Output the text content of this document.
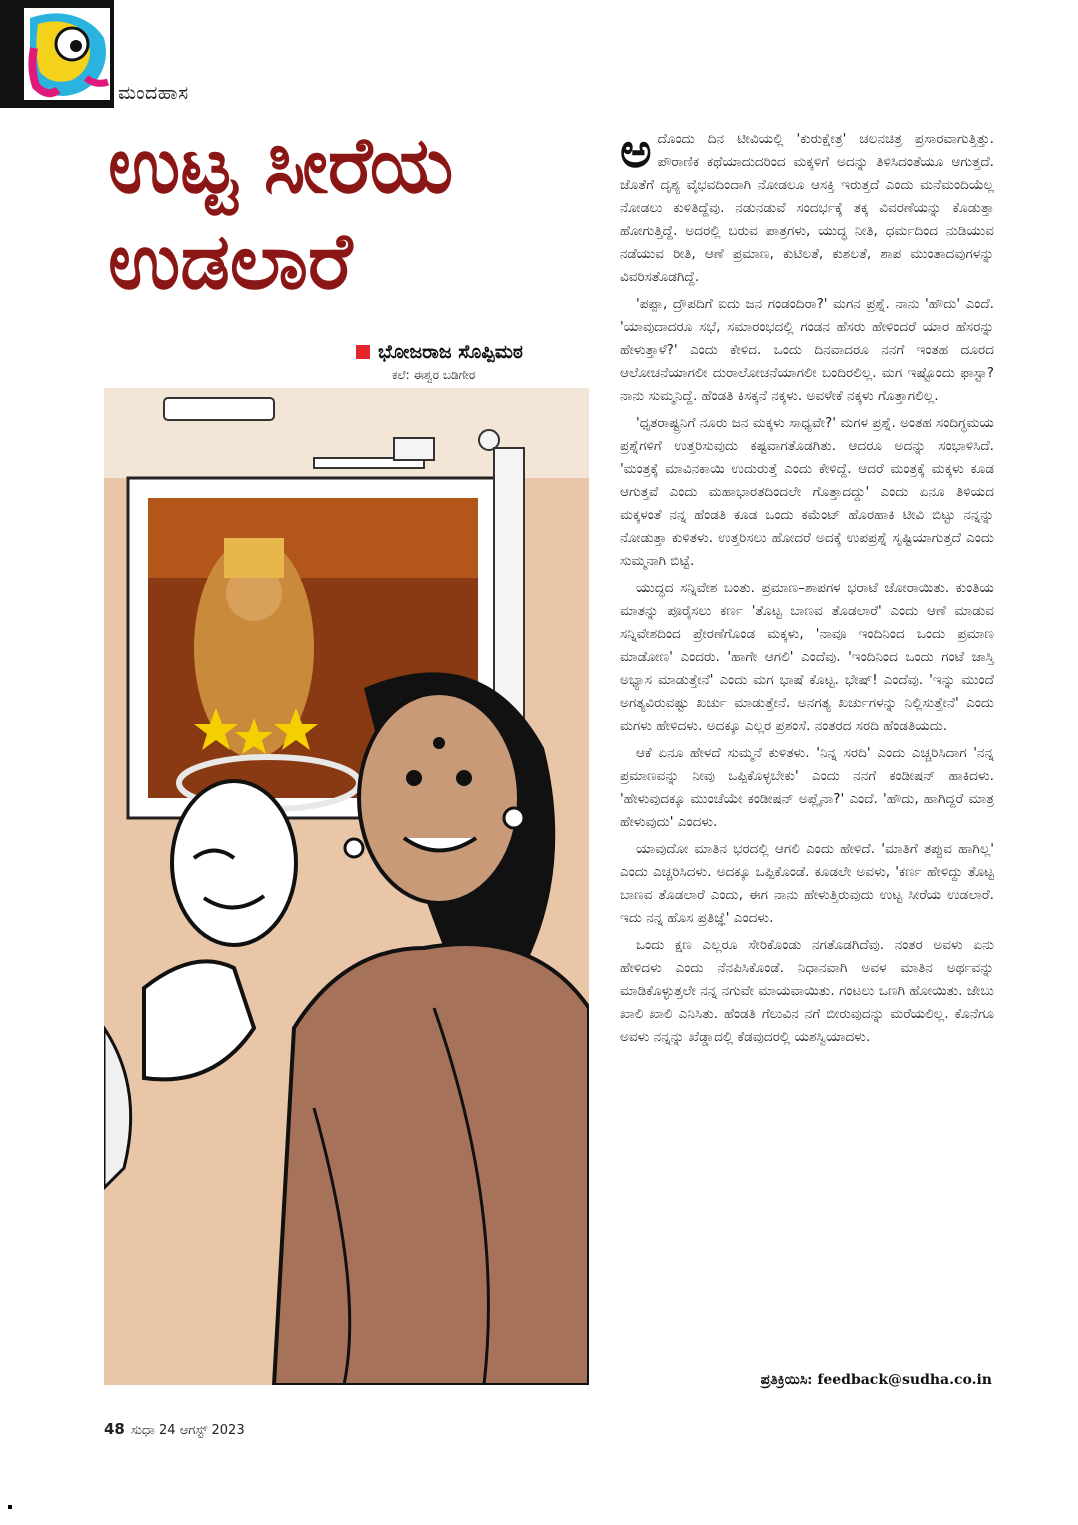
ಮಂದಹಾಸ
ಉಟ್ಟ ಸೀರೆಯ
ಉಡಲಾರೆ
ಭೋಜರಾಜ ಸೊಪ್ಪಿಮಠ
ಕಲೆ: ಈಶ್ವರ ಬಡಿಗೇರ

ಅದೊಂದು ದಿನ ಟೀವಿಯಲ್ಲಿ 'ಕುರುಕ್ಷೇತ್ರ' ಚಲನಚಿತ್ರ ಪ್ರಸಾರವಾಗುತ್ತಿತ್ತು. ಪೌರಾಣಿಕ ಕಥೆಯಾದುದರಿಂದ ಮಕ್ಕಳಿಗೆ ಅದನ್ನು ತಿಳಿಸಿದಂತೆಯೂ ಆಗುತ್ತದೆ. ಜೊತೆಗೆ ದೃಶ್ಯ ವೈಭವದಿಂದಾಗಿ ನೋಡಲೂ ಆಸಕ್ತಿ ಇರುತ್ತದೆ ಎಂದು ಮನೆಮಂದಿಯೆಲ್ಲ ನೋಡಲು ಕುಳಿತಿದ್ದೆವು. ನಡುನಡುವೆ ಸಂದರ್ಭಕ್ಕೆ ತಕ್ಕ ವಿವರಣೆಯನ್ನು ಕೊಡುತ್ತಾ ಹೋಗುತ್ತಿದ್ದೆ. ಅದರಲ್ಲಿ ಬರುವ ಪಾತ್ರಗಳು, ಯುದ್ಧ ನೀತಿ, ಧರ್ಮದಿಂದ ನುಡಿಯುವ ನಡೆಯುವ ರೀತಿ, ಆಣೆ ಪ್ರಮಾಣ, ಕುಟಿಲತೆ, ಕುಶಲತೆ, ಶಾಪ ಮುಂತಾದವುಗಳನ್ನು ವಿವರಿಸತೊಡಗಿದ್ದೆ.

'ಪಪ್ಪಾ, ದ್ರೌಪದಿಗೆ ಐದು ಜನ ಗಂಡಂದಿರಾ?' ಮಗನ ಪ್ರಶ್ನೆ. ನಾನು 'ಹೌದು' ಎಂದೆ. 'ಯಾವುದಾದರೂ ಸಭೆ, ಸಮಾರಂಭದಲ್ಲಿ ಗಂಡನ ಹೆಸರು ಹೇಳಿಂದರೆ ಯಾರ ಹೆಸರನ್ನು ಹೇಳುತ್ತಾಳೆ?' ಎಂದು ಕೇಳಿದ. ಒಂದು ದಿನವಾದರೂ ನನಗೆ ಇಂತಹ ದೂರದ ಆಲೋಚನೆಯಾಗಲೀ ದುರಾಲೋಚನೆಯಾಗಲೀ ಬಂದಿರಲಿಲ್ಲ. ಮಗ ಇಷ್ಟೊಂದು ಫಾಸ್ಟಾ? ನಾನು ಸುಮ್ಮನಿದ್ದೆ. ಹೆಂಡತಿ ಕಿಸಕ್ಕನೆ ನಕ್ಕಳು. ಅವಳೇಕೆ ನಕ್ಕಳು ಗೊತ್ತಾಗಲಿಲ್ಲ.

'ಧೃತರಾಷ್ಟ್ರನಿಗೆ ನೂರು ಜನ ಮಕ್ಕಳು ಸಾಧ್ಯವೇ?' ಮಗಳ ಪ್ರಶ್ನೆ. ಅಂತಹ ಸಂದಿಗ್ಧಮಯ ಪ್ರಶ್ನೆಗಳಿಗೆ ಉತ್ತರಿಸುವುದು ಕಷ್ಟವಾಗತೊಡಗಿತು. ಆದರೂ ಅದನ್ನು ಸಂಭಾಳಿಸಿದೆ. 'ಮಂತ್ರಕ್ಕೆ ಮಾವಿನಕಾಯಿ ಉದುರುತ್ತೆ ಎಂದು ಕೇಳಿದ್ದೆ. ಆದರೆ ಮಂತ್ರಕ್ಕೆ ಮಕ್ಕಳು ಕೂಡ ಆಗುತ್ತವೆ ಎಂದು ಮಹಾಭಾರತದಿಂದಲೇ ಗೊತ್ತಾದದ್ದು' ಎಂದು ಏನೂ ತಿಳಿಯದ ಮಕ್ಕಳಂತೆ ನನ್ನ ಹೆಂಡತಿ ಕೂಡ ಒಂದು ಕಮೆಂಟ್ ಹೊರಹಾಕಿ ಟೀವಿ ಬಿಟ್ಟು ನನ್ನನ್ನು ನೋಡುತ್ತಾ ಕುಳಿತಳು. ಉತ್ತರಿಸಲು ಹೋದರೆ ಅದಕ್ಕೆ ಉಪಪ್ರಶ್ನೆ ಸೃಷ್ಟಿಯಾಗುತ್ತದೆ ಎಂದು ಸುಮ್ಮನಾಗಿ ಬಿಟ್ಟೆ.

ಯುದ್ಧದ ಸನ್ನಿವೇಶ ಬಂತು. ಪ್ರಮಾಣ–ಶಾಪಗಳ ಭರಾಟೆ ಜೋರಾಯಿತು. ಕುಂತಿಯ ಮಾತನ್ನು ಪೂರೈಸಲು ಕರ್ಣ 'ತೊಟ್ಟ ಬಾಣವ ತೊಡಲಾರೆ' ಎಂದು ಆಣೆ ಮಾಡುವ ಸನ್ನಿವೇಶದಿಂದ ಪ್ರೇರಣೆಗೊಂಡ ಮಕ್ಕಳು, 'ನಾವೂ ಇಂದಿನಿಂದ ಒಂದು ಪ್ರಮಾಣ ಮಾಡೋಣ' ಎಂದರು. 'ಹಾಗೇ ಆಗಲಿ' ಎಂದೆವು. 'ಇಂದಿನಿಂದ ಒಂದು ಗಂಟೆ ಜಾಸ್ತಿ ಅಭ್ಯಾಸ ಮಾಡುತ್ತೇನೆ' ಎಂದು ಮಗ ಭಾಷೆ ಕೊಟ್ಟ. ಭೇಷ್! ಎಂದೆವು. 'ಇನ್ನು ಮುಂದೆ ಅಗತ್ಯವಿರುವಷ್ಟು ಖರ್ಚು ಮಾಡುತ್ತೇನೆ. ಅನಗತ್ಯ ಖರ್ಚುಗಳನ್ನು ನಿಲ್ಲಿಸುತ್ತೇನೆ' ಎಂದು ಮಗಳು ಹೇಳಿದಳು. ಅದಕ್ಕೂ ಎಲ್ಲರ ಪ್ರಶಂಸೆ. ನಂತರದ ಸರದಿ ಹೆಂಡತಿಯದು.

ಆಕೆ ಏನೂ ಹೇಳದೆ ಸುಮ್ಮನೆ ಕುಳಿತಳು. 'ನಿನ್ನ ಸರದಿ' ಎಂದು ಎಚ್ಚರಿಸಿದಾಗ 'ನನ್ನ ಪ್ರಮಾಣವನ್ನು ನೀವು ಒಪ್ಪಿಕೊಳ್ಳಬೇಕು' ಎಂದು ನನಗೆ ಕಂಡೀಷನ್ ಹಾಕಿದಳು. 'ಹೇಳುವುದಕ್ಕೂ ಮುಂಚೆಯೇ ಕಂಡೀಷನ್ ಅಪ್ಲೈನಾ?' ಎಂದೆ. 'ಹೌದು, ಹಾಗಿದ್ದರೆ ಮಾತ್ರ ಹೇಳುವುದು' ಎಂದಳು.

ಯಾವುದೋ ಮಾತಿನ ಭರದಲ್ಲಿ ಆಗಲಿ ಎಂದು ಹೇಳಿದೆ. 'ಮಾತಿಗೆ ತಪ್ಪುವ ಹಾಗಿಲ್ಲ' ಎಂದು ಎಚ್ಚರಿಸಿದಳು. ಅದಕ್ಕೂ ಒಪ್ಪಿಕೊಂಡೆ. ಕೂಡಲೇ ಅವಳು, 'ಕರ್ಣ ಹೇಳಿದ್ದು ತೊಟ್ಟ ಬಾಣವ ತೊಡಲಾರೆ ಎಂದು, ಈಗ ನಾನು ಹೇಳುತ್ತಿರುವುದು ಉಟ್ಟ ಸೀರೆಯ ಉಡಲಾರೆ. ಇದು ನನ್ನ ಹೊಸ ಪ್ರತಿಜ್ಞೆ' ಎಂದಳು.

ಒಂದು ಕ್ಷಣ ಎಲ್ಲರೂ ಸೇರಿಕೊಂಡು ನಗತೊಡಗಿದೆವು. ನಂತರ ಅವಳು ಏನು ಹೇಳಿದಳು ಎಂದು ನೆನಪಿಸಿಕೊಂಡೆ. ನಿಧಾನವಾಗಿ ಅವಳ ಮಾತಿನ ಅರ್ಥವನ್ನು ಮಾಡಿಕೊಳ್ಳುತ್ತಲೇ ನನ್ನ ನಗುವೇ ಮಾಯವಾಯಿತು. ಗಂಟಲು ಒಣಗಿ ಹೋಯಿತು. ಜೇಬು ಖಾಲಿ ಖಾಲಿ ಎನಿಸಿತು. ಹೆಂಡತಿ ಗೆಲುವಿನ ನಗೆ ಬೀರುವುದನ್ನು ಮರೆಯಲಿಲ್ಲ. ಕೊನೆಗೂ ಅವಳು ನನ್ನನ್ನು ಖೆಡ್ಡಾದಲ್ಲಿ ಕೆಡವುದರಲ್ಲಿ ಯಶಸ್ವಿಯಾದಳು.

ಪ್ರತಿಕ್ರಿಯಿಸಿ: feedback@sudha.co.in
48 ಸುಧಾ 24 ಆಗಸ್ಟ್ 2023
